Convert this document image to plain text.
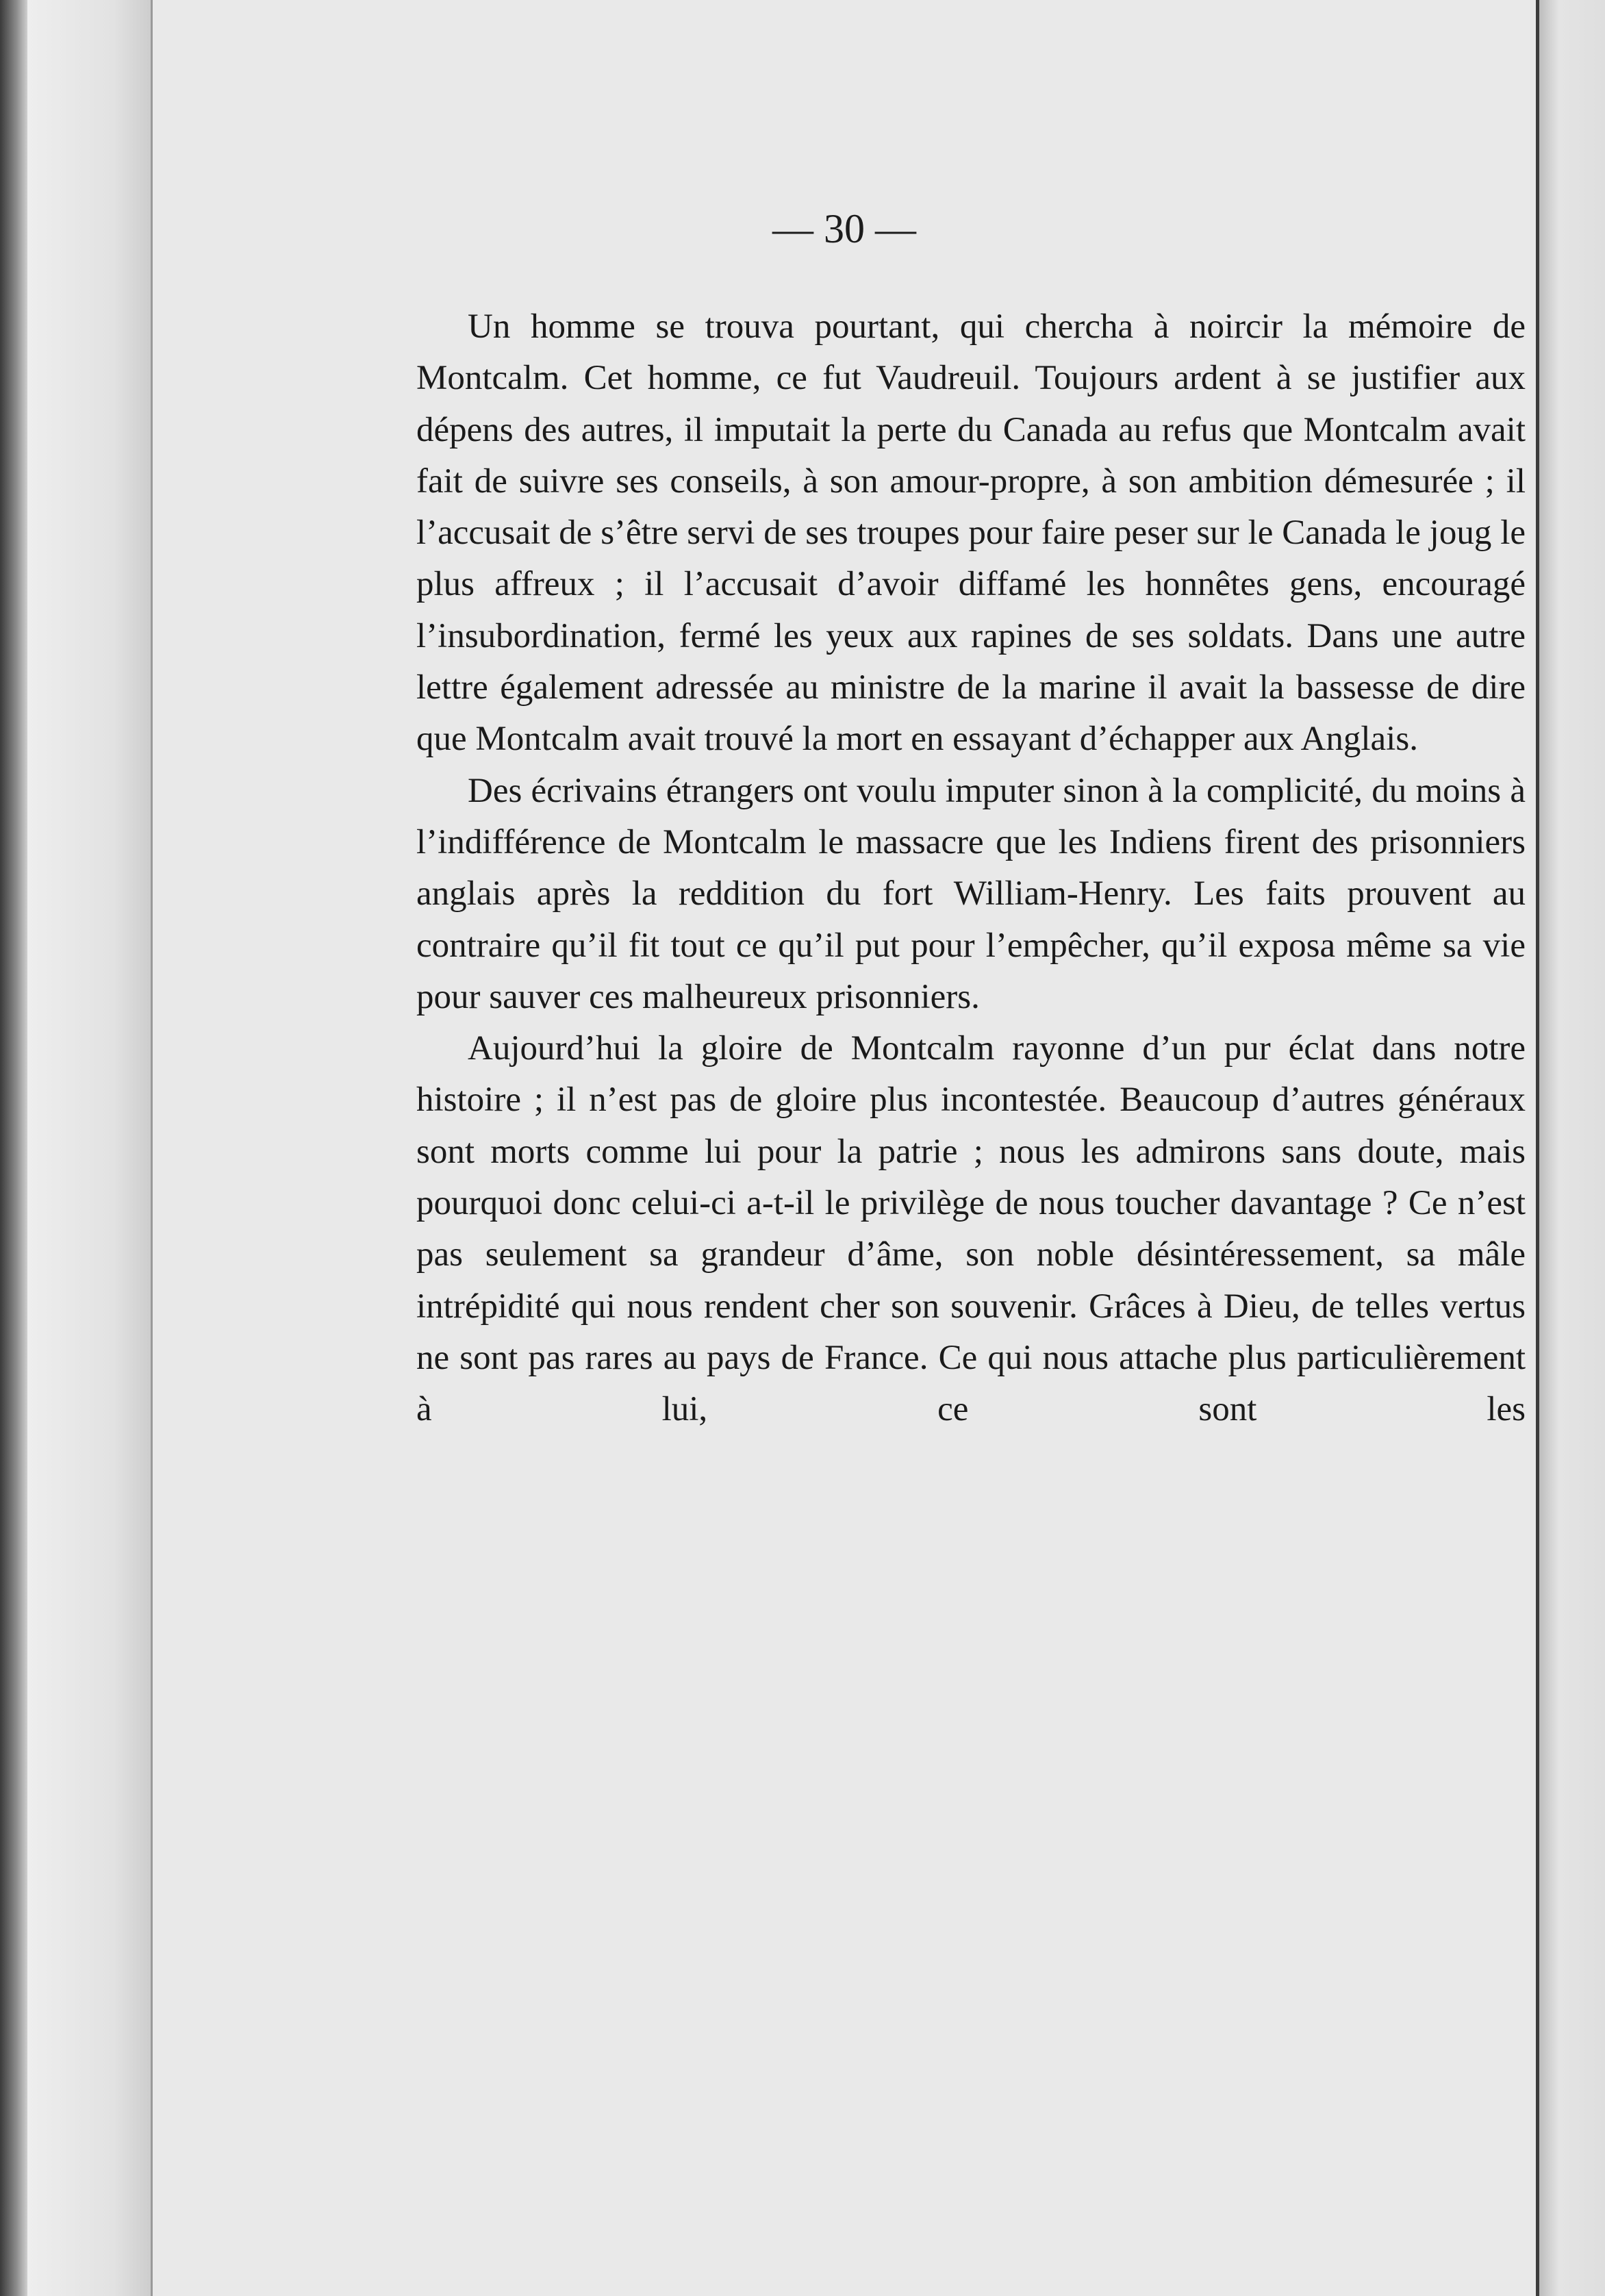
— 30 —

Un homme se trouva pourtant, qui chercha à noircir la mémoire de Montcalm. Cet homme, ce fut Vaudreuil. Toujours ardent à se justifier aux dépens des autres, il imputait la perte du Canada au refus que Montcalm avait fait de suivre ses conseils, à son amour-propre, à son ambition démesurée ; il l’accusait de s’être servi de ses troupes pour faire peser sur le Canada le joug le plus affreux ; il l’accusait d’avoir diffamé les honnêtes gens, encouragé l’insubordination, fermé les yeux aux rapines de ses soldats. Dans une autre lettre également adressée au ministre de la marine il avait la bassesse de dire que Montcalm avait trouvé la mort en essayant d’échapper aux Anglais.

Des écrivains étrangers ont voulu imputer sinon à la complicité, du moins à l’indifférence de Montcalm le massacre que les Indiens firent des prisonniers anglais après la reddition du fort William-Henry. Les faits prouvent au contraire qu’il fit tout ce qu’il put pour l’empêcher, qu’il exposa même sa vie pour sauver ces malheureux prisonniers.

Aujourd’hui la gloire de Montcalm rayonne d’un pur éclat dans notre histoire ; il n’est pas de gloire plus incontestée. Beaucoup d’autres généraux sont morts comme lui pour la patrie ; nous les admirons sans doute, mais pourquoi donc celui-ci a-t-il le privilège de nous toucher davantage ? Ce n’est pas seulement sa grandeur d’âme, son noble désintéressement, sa mâle intrépidité qui nous rendent cher son souvenir. Grâces à Dieu, de telles vertus ne sont pas rares au pays de France. Ce qui nous attache plus particulièrement à lui, ce sont les
